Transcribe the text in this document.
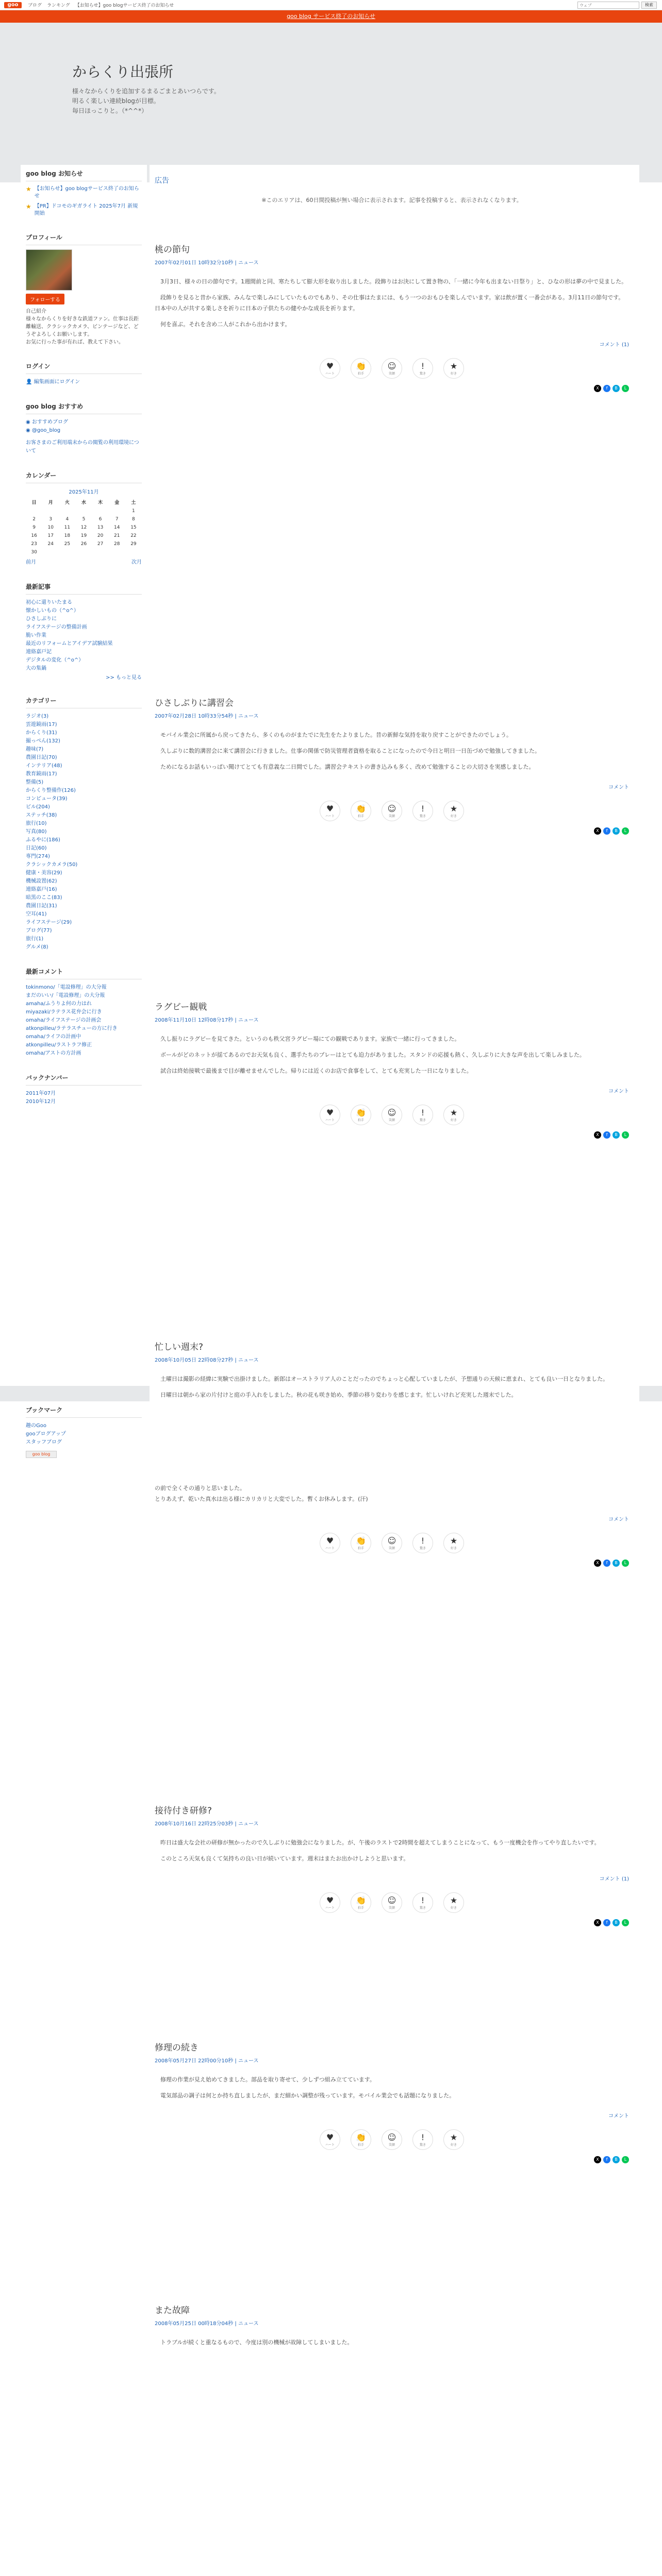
goo	ブログ ランキング 【お知らせ】goo blogサービス終了のお知らせ
ウェブ	検索
goo blog サービス終了のお知らせ
からくり出張所
様々なからくりを追加するまるごまとあいつらです。
明るく楽しい連続blogが目標。
毎日ほっこりと。（*^^*）
goo blog お知らせ
★ 【お知らせ】goo blogサービス終了のお知らせ
★ 【PR】ドコモのギガライト 2025年7月 新規開始
プロフィール
フォローする
自己紹介
様々なからくりを好きな鉄道ファン。仕事は長距離輸送、クラシックカメラ、ビンテージなど、どうぞよろしくお願いします。
お気に行った事が有れば、教えて下さい。
ログイン
👤 編集画面にログイン
goo blog おすすめ
◉ おすすめブログ
◉ @goo_blog
お客さまのご利用端末からの閲覧の利用環境について
カレンダー
2025年11月
日	月	火	水	木	金	土
						1
2	3	4	5	6	7	8
9	10	11	12	13	14	15
16	17	18	19	20	21	22
23	24	25	26	27	28	29
30						
前月	次月
最新記事
初心に還りいたまる
懐かしいもの（^o^）
ひさしぶりに
ライフステージの整備計画
脆い作業
最近のリフォームとアイデア試験結果
連絡嘉戸記
デジタルの変化（^o^）
大の集鍋
>> もっと見る
カテゴリー
ラジオ(3)
雲遊鏡雨(17)
からくり(31)
撮っぺん(132)
趣味(7)
農園日記(70)
インテリア(48)
教育鏡雨(17)
整備(5)
からくり整備作(126)
コンピュータ(39)
ビル(204)
ステッチ(38)
旅行(10)
写真(80)
ふるやに(186)
日記(60)
専門(274)
クラシックカメラ(50)
健康・美容(29)
機械設置(62)
連絡嘉戸(16)
暗黒のここ(83)
農園日記(31)
空耳(41)
ライフステージ(29)
ブログ(77)
旅行(1)
グルメ(8)
最新コメント
tokinmono/「電設修理」の大分報
まだのいい/「電設修理」の大分報
amaha/ふうりよ何の力はれ
miyazaki/ラテラス花弁会に行き
omaha/ライフステージの計画会
atkonpilleu/ラテラスチューの方に行き
omaha/ライフの計画中
atkonpilleu/ラストラフ修正
omaha/アストの方計画
バックナンバー
2011年07月
2010年12月
ブックマーク
趣のGoo
gooブログアップ
スタッフブログ
goo blog
広告
※このエリアは、60日間投稿が無い場合に表示されます。記事を投稿すると、表示されなくなります。
桃の節句
2007年02月01日 10時32分10秒 | ニュース

3月3日、様々の日の節句です。1週間前と同、寒たちして膨大形を取り出しました。段飾りはお決にして置き物の、「一緒に今年も出まない日祭り」と、ひなの形は夢の中で見ました。

段飾りを見ると昔から家族、みんなで楽しみにしていたものでもあり、その仕事はたまには、もう一つのおもひを楽しんでいます。家は飲が置く一番会がある。3月11日の節句です。日本中の人が共する楽しさを祈りに日本の子供たちの健やかな成長を祈ります。

何を喜ぶ。それを含め二人がこれから出かけます。

コメント (1)
♥
ハート
👏
拍手
☺
笑顔
!
驚き
★
好き
X	f	B	L
ひさしぶりに講習会
2007年02月28日 10時33分54秒 | ニュース

モバイル業会に所属から戻ってきたら、多くのものがまたでに先生をたよりました。昔の新鮮な気持を取り戻すことができたのでしょう。

久しぶりに数的溝習会に来て講習会に行きました。仕事の関係で防災管理者資格を取ることになったので今日と明日一日缶づめで勉強してきました。

ためになるお話もいっぱい聞けてとても有意義な二日間でした。講習会テキストの書き込みも多く、改めて勉強することの大切さを実感しました。

コメント
♥
ハート
👏
拍手
☺
笑顔
!
驚き
★
好き
X	f	B	L
ラグビー観戦
2008年11月10日 12時08分17秒 | ニュース

久し振りにラグビーを見てきた。というのも秩父宮ラグビー場にての観戦であります。家族で一緒に行ってきました。

ボールがどのネットが揺てあるのでお天気も良く、選手たちのプレーはとても迫力がありました。スタンドの応援も熱く、久しぶりに大きな声を出して楽しみました。

試合は終始接戦で最後まで目が離せませんでした。帰りには近くのお店で食事をして、とても充実した一日になりました。

コメント
♥
ハート
👏
拍手
☺
笑顔
!
驚き
★
好き
X	f	B	L
忙しい週末?
2008年10月05日 22時08分27秒 | ニュース

土曜日は撮影の経緯に実験で出掛けました。新郎はオーストラリア人のことだったのでちょっと心配していましたが、予想通りの天候に恵まれ、とても良い一日となりました。

日曜日は朝から家の片付けと庭の手入れをしました。秋の花も咲き始め、季節の移り変わりを感じます。忙しいけれど充実した週末でした。

の前で全くその通りと思いました。

とりあえず、乾いた真水は出る様にカリカリと大変でした。暫くお休みします。(汗)

コメント
♥
ハート
👏
拍手
☺
笑顔
!
驚き
★
好き
X	f	B	L
接待付き研修?
2008年10月16日 22時25分03秒 | ニュース

昨日は盛大な会社の研修が無かったので久しぶりに勉強会になりました。が、午後のラストで2時間を超えてしまうことになって、もう一度機会を作ってやり直したいです。

このところ天気も良くて気持ちの良い日が続いています。週末はまたお出かけしようと思います。

コメント (1)
♥
ハート
👏
拍手
☺
笑顔
!
驚き
★
好き
X	f	B	L
修理の続き
2008年05月27日 22時00分10秒 | ニュース

修理の作業が見え始めてきました。部品を取り寄せて、少しずつ組み立てています。

電気部品の調子は何とか持ち直しましたが、まだ細かい調整が残っています。モバイル業会でも話題になりました。

コメント
♥
ハート
👏
拍手
☺
笑顔
!
驚き
★
好き
X	f	B	L
また故障
2008年05月25日 00時18分04秒 | ニュース

トラブルが続くと重なるもので、今度は別の機械が故障してしまいました。
